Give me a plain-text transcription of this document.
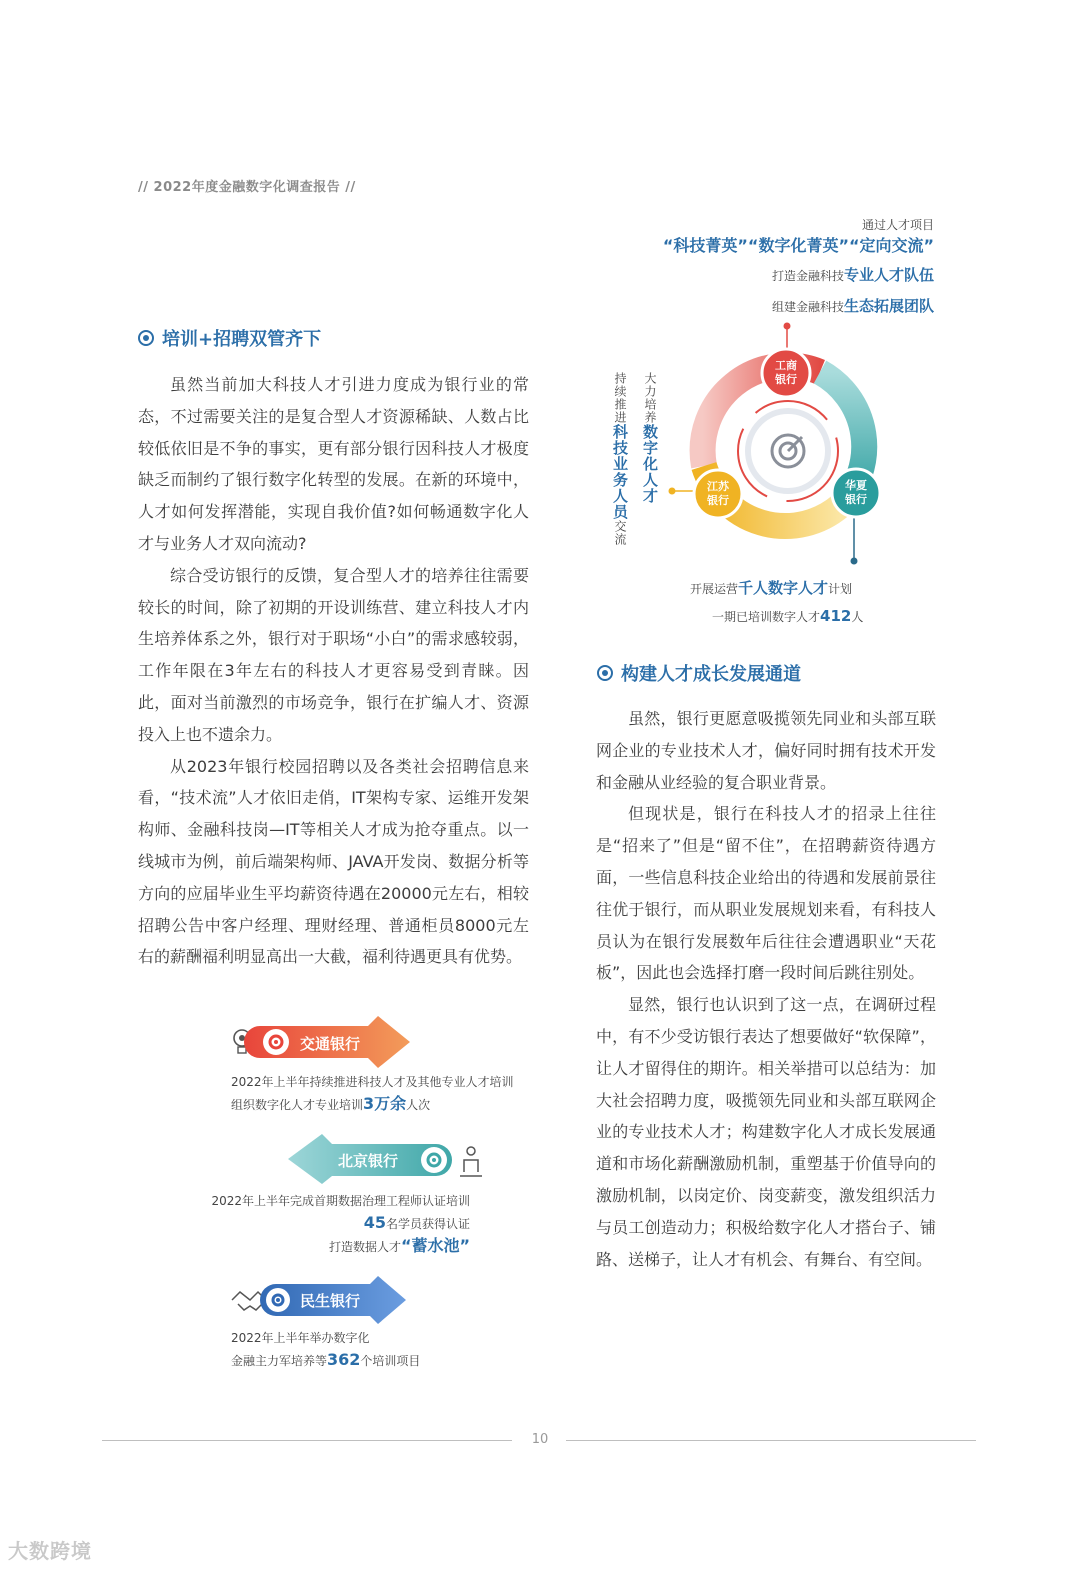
// 2022年度金融数字化调查报告 //
培训+招聘双管齐下

虽然当前加大科技人才引进力度成为银行业的常态，不过需要关注的是复合型人才资源稀缺、人数占比较低依旧是不争的事实，更有部分银行因科技人才极度缺乏而制约了银行数字化转型的发展。在新的环境中，人才如何发挥潜能，实现自我价值?如何畅通数字化人才与业务人才双向流动?

综合受访银行的反馈，复合型人才的培养往往需要较长的时间，除了初期的开设训练营、建立科技人才内生培养体系之外，银行对于职场“小白”的需求感较弱，工作年限在3年左右的科技人才更容易受到青睐。因此，面对当前激烈的市场竞争，银行在扩编人才、资源投入上也不遗余力。

从2023年银行校园招聘以及各类社会招聘信息来看，“技术流”人才依旧走俏，IT架构专家、运维开发架构师、金融科技岗—IT等相关人才成为抢夺重点。以一线城市为例，前后端架构师、JAVA开发岗、数据分析等方向的应届毕业生平均薪资待遇在20000元左右，相较招聘公告中客户经理、理财经理、普通柜员8000元左右的薪酬福利明显高出一大截，福利待遇更具有优势。

交通银行
2022年上半年持续推进科技人才及其他专业人才培训
组织数字化人才专业培训3万余人次
北京银行
2022年上半年完成首期数据治理工程师认证培训
45名学员获得认证
打造数据人才“蓄水池”
民生银行
2022年上半年举办数字化
金融主力军培养等362个培训项目
通过人才项目
“科技菁英”“数字化菁英”“定向交流”
打造金融科技专业人才队伍
组建金融科技生态拓展团队
工商银行
江苏银行
华夏银行
持续推进科技业务人员交流
大力培养数字化人才
开展运营千人数字人才计划
一期已培训数字人才412人
构建人才成长发展通道

虽然，银行更愿意吸揽领先同业和头部互联网企业的专业技术人才，偏好同时拥有技术开发和金融从业经验的复合职业背景。

但现状是，银行在科技人才的招录上往往是“招来了”但是“留不住”，在招聘薪资待遇方面，一些信息科技企业给出的待遇和发展前景往往优于银行，而从职业发展规划来看，有科技人员认为在银行发展数年后往往会遭遇职业“天花板”，因此也会选择打磨一段时间后跳往别处。

显然，银行也认识到了这一点，在调研过程中，有不少受访银行表达了想要做好“软保障”，让人才留得住的期许。相关举措可以总结为：加大社会招聘力度，吸揽领先同业和头部互联网企业的专业技术人才；构建数字化人才成长发展通道和市场化薪酬激励机制，重塑基于价值导向的激励机制，以岗定价、岗变薪变，激发组织活力与员工创造动力；积极给数字化人才搭台子、铺路、送梯子，让人才有机会、有舞台、有空间。

10
大数跨境
